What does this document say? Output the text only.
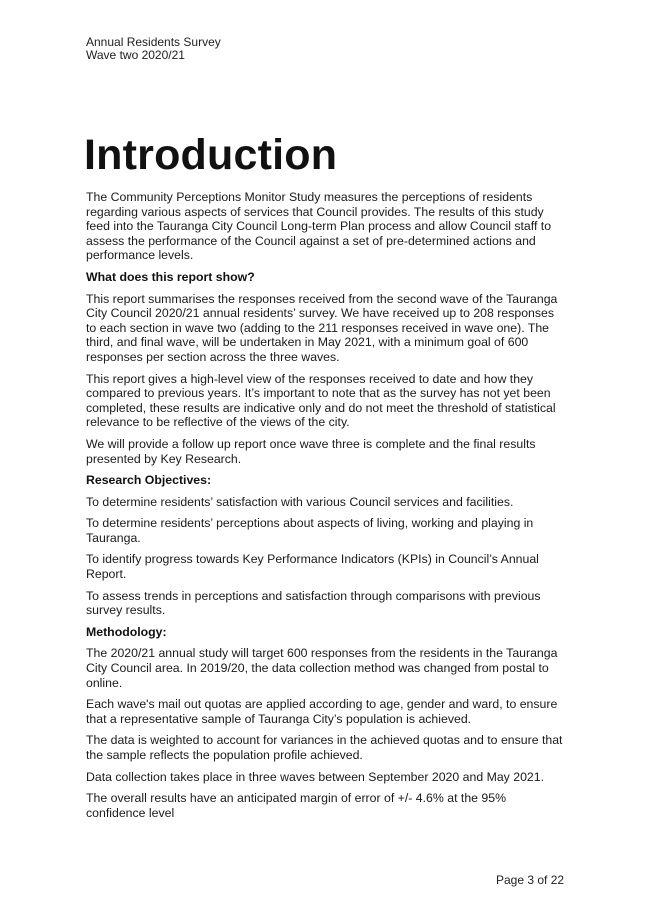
Annual Residents Survey
Wave two 2020/21
Introduction

The Community Perceptions Monitor Study measures the perceptions of residents regarding various aspects of services that Council provides. The results of this study feed into the Tauranga City Council Long-term Plan process and allow Council staff to assess the performance of the Council against a set of pre-determined actions and performance levels.

What does this report show?

This report summarises the responses received from the second wave of the Tauranga City Council 2020/21 annual residents’ survey. We have received up to 208 responses to each section in wave two (adding to the 211 responses received in wave one). The third, and final wave, will be undertaken in May 2021, with a minimum goal of 600 responses per section across the three waves.

This report gives a high-level view of the responses received to date and how they compared to previous years. It’s important to note that as the survey has not yet been completed, these results are indicative only and do not meet the threshold of statistical relevance to be reflective of the views of the city.

We will provide a follow up report once wave three is complete and the final results presented by Key Research.

Research Objectives:

To determine residents’ satisfaction with various Council services and facilities.

To determine residents’ perceptions about aspects of living, working and playing in Tauranga.

To identify progress towards Key Performance Indicators (KPIs) in Council’s Annual Report.

To assess trends in perceptions and satisfaction through comparisons with previous survey results.

Methodology:

The 2020/21 annual study will target 600 responses from the residents in the Tauranga City Council area. In 2019/20, the data collection method was changed from postal to online.

Each wave's mail out quotas are applied according to age, gender and ward, to ensure that a representative sample of Tauranga City’s population is achieved.

The data is weighted to account for variances in the achieved quotas and to ensure that the sample reflects the population profile achieved.

Data collection takes place in three waves between September 2020 and May 2021.

The overall results have an anticipated margin of error of +/- 4.6% at the 95% confidence level

Page 3 of 22
